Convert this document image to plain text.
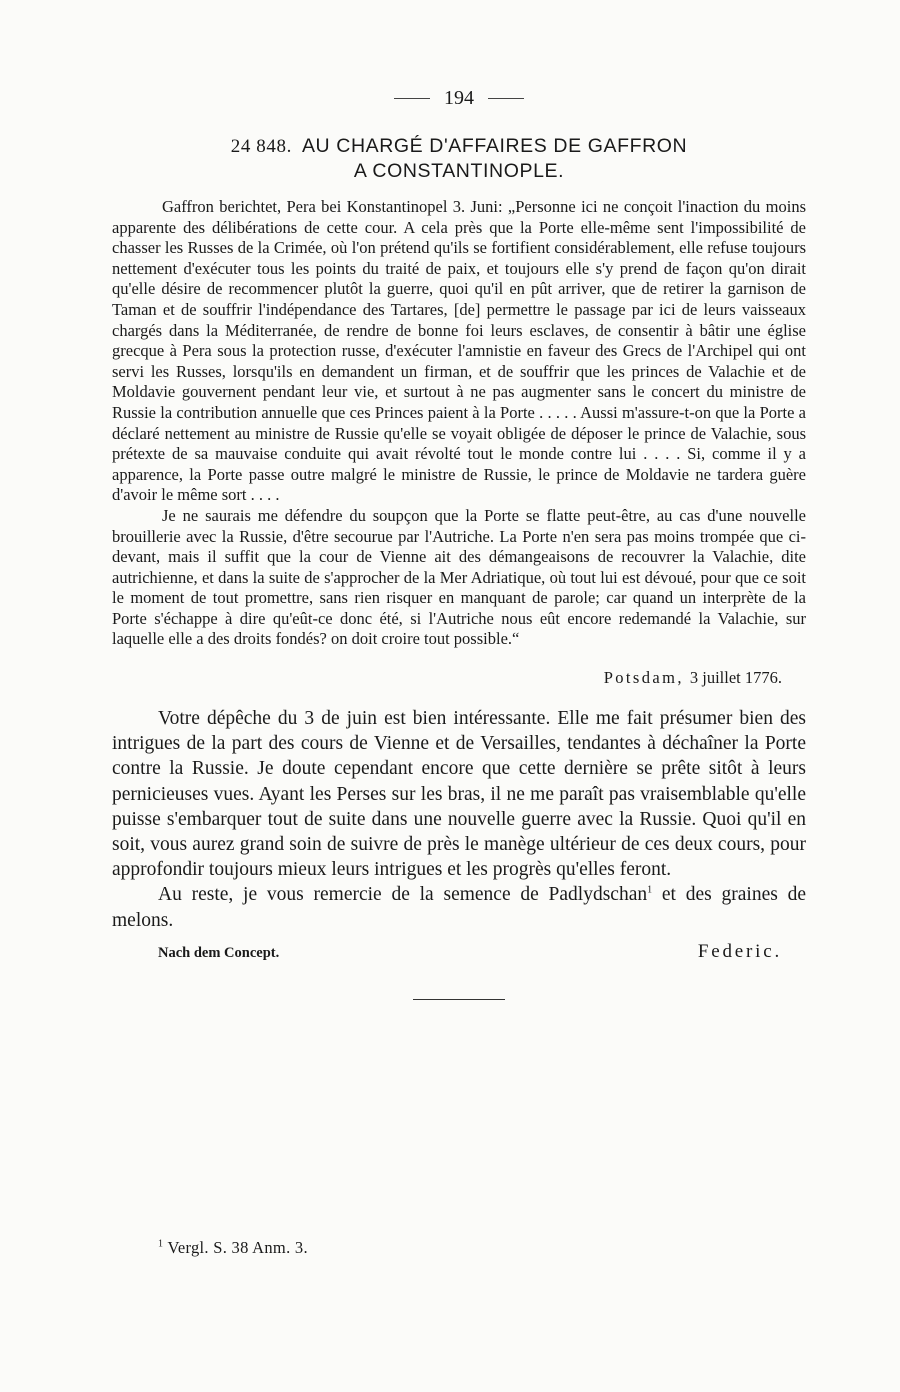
194
24 848. AU CHARGÉ D'AFFAIRES DE GAFFRON
A CONSTANTINOPLE.

Gaffron berichtet, Pera bei Konstantinopel 3. Juni: „Personne ici ne conçoit l'inaction du moins apparente des délibérations de cette cour. A cela près que la Porte elle-même sent l'impossibilité de chasser les Russes de la Crimée, où l'on prétend qu'ils se fortifient considérablement, elle refuse toujours nettement d'exécuter tous les points du traité de paix, et toujours elle s'y prend de façon qu'on dirait qu'elle désire de recommencer plutôt la guerre, quoi qu'il en pût arriver, que de retirer la garnison de Taman et de souffrir l'indépendance des Tartares, [de] permettre le passage par ici de leurs vaisseaux chargés dans la Méditerranée, de rendre de bonne foi leurs esclaves, de consentir à bâtir une église grecque à Pera sous la protection russe, d'exécuter l'amnistie en faveur des Grecs de l'Archipel qui ont servi les Russes, lorsqu'ils en demandent un firman, et de souffrir que les princes de Valachie et de Moldavie gouvernent pendant leur vie, et surtout à ne pas augmenter sans le concert du ministre de Russie la contribution annuelle que ces Princes paient à la Porte . . . . . Aussi m'assure-t-on que la Porte a déclaré nettement au ministre de Russie qu'elle se voyait obligée de déposer le prince de Valachie, sous prétexte de sa mauvaise conduite qui avait révolté tout le monde contre lui . . . . Si, comme il y a apparence, la Porte passe outre malgré le ministre de Russie, le prince de Moldavie ne tardera guère d'avoir le même sort . . . .

Je ne saurais me défendre du soupçon que la Porte se flatte peut-être, au cas d'une nouvelle brouillerie avec la Russie, d'être secourue par l'Autriche. La Porte n'en sera pas moins trompée que ci-devant, mais il suffit que la cour de Vienne ait des démangeaisons de recouvrer la Valachie, dite autrichienne, et dans la suite de s'approcher de la Mer Adriatique, où tout lui est dévoué, pour que ce soit le moment de tout promettre, sans rien risquer en manquant de parole; car quand un interprète de la Porte s'échappe à dire qu'eût-ce donc été, si l'Autriche nous eût encore redemandé la Valachie, sur laquelle elle a des droits fondés? on doit croire tout possible.“

Potsdam, 3 juillet 1776.

Votre dépêche du 3 de juin est bien intéressante. Elle me fait présumer bien des intrigues de la part des cours de Vienne et de Versailles, tendantes à déchaîner la Porte contre la Russie. Je doute cependant encore que cette dernière se prête sitôt à leurs pernicieuses vues. Ayant les Perses sur les bras, il ne me paraît pas vraisemblable qu'elle puisse s'embarquer tout de suite dans une nouvelle guerre avec la Russie. Quoi qu'il en soit, vous aurez grand soin de suivre de près le manège ultérieur de ces deux cours, pour approfondir toujours mieux leurs intrigues et les progrès qu'elles feront.

Au reste, je vous remercie de la semence de Padlydschan$^1$ et des graines de melons.

Nach dem Concept.	Federic.
$^1$ Vergl. S. 38 Anm. 3.
